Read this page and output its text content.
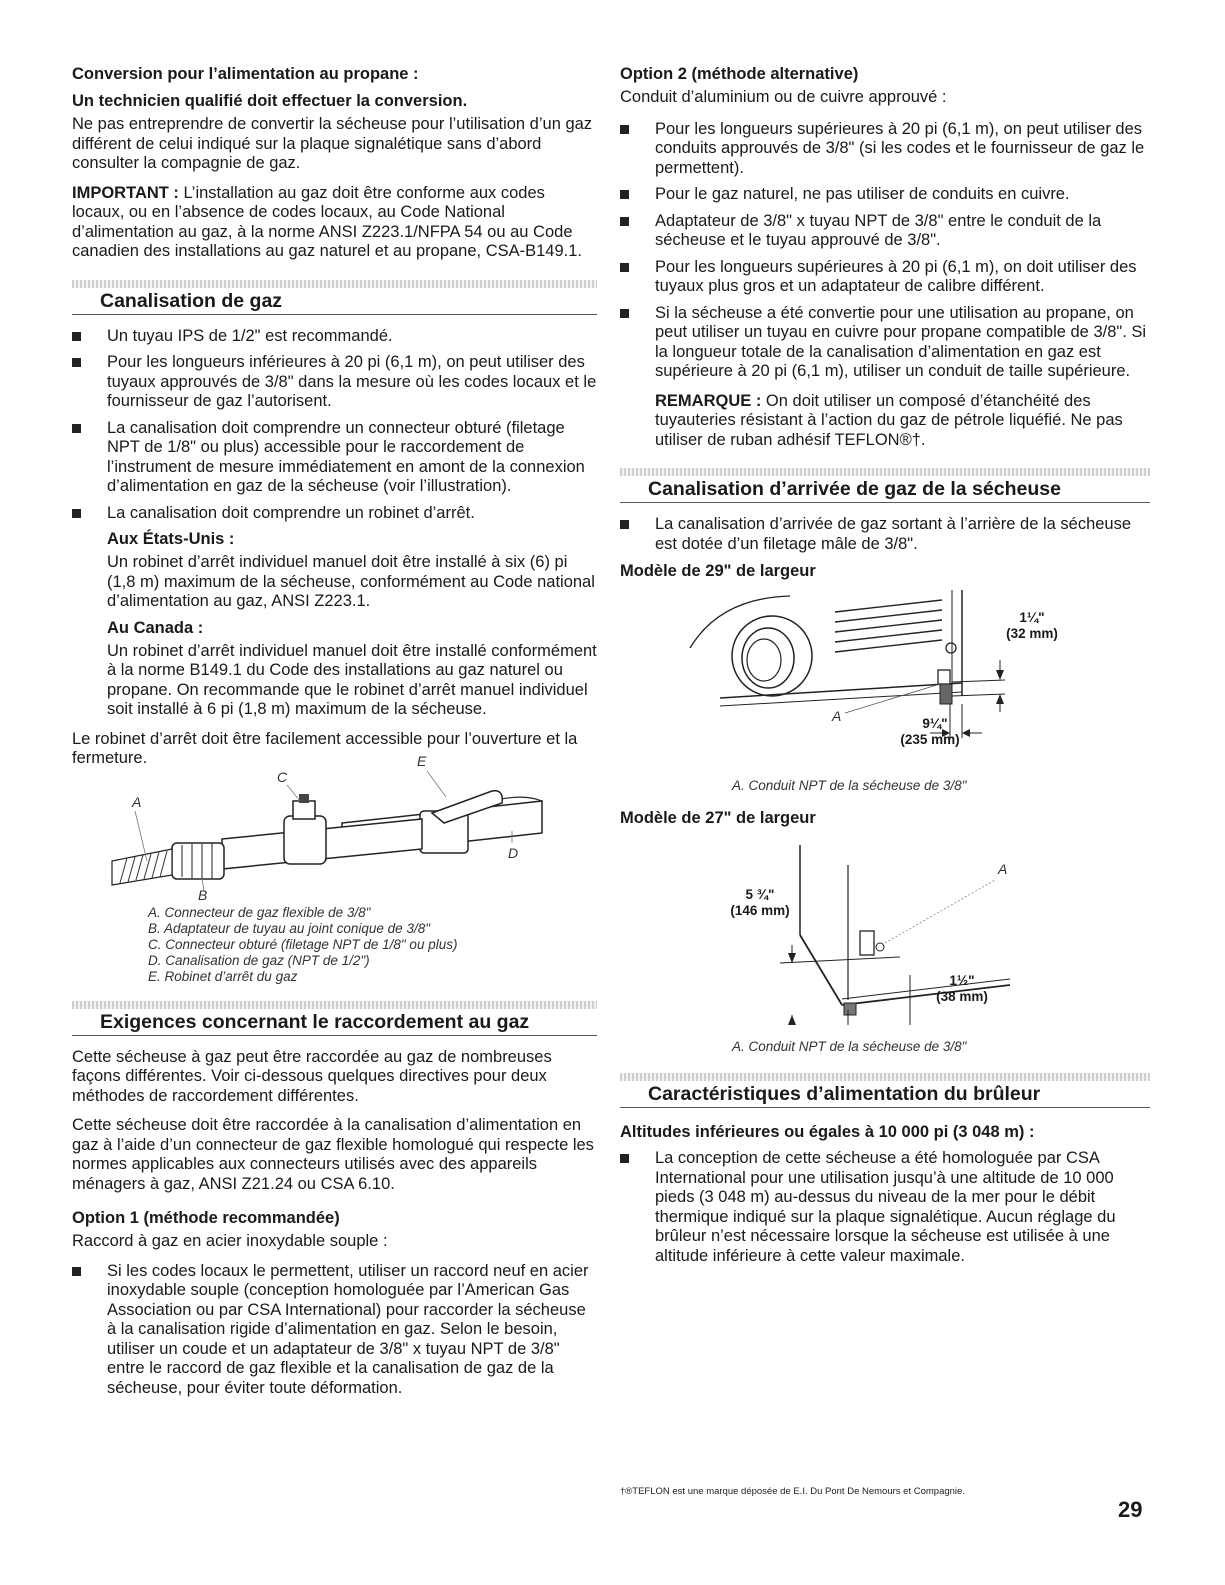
Conversion pour l’alimentation au propane :

Un technicien qualifié doit effectuer la conversion.

Ne pas entreprendre de convertir la sécheuse pour l’utilisation d’un gaz différent de celui indiqué sur la plaque signalétique sans d’abord consulter la compagnie de gaz.

IMPORTANT : L’installation au gaz doit être conforme aux codes locaux, ou en l’absence de codes locaux, au Code National d’alimentation au gaz, à la norme ANSI Z223.1/NFPA 54 ou au Code canadien des installations au gaz naturel et au propane, CSA-B149.1.

Canalisation de gaz
Un tuyau IPS de 1/2" est recommandé.
Pour les longueurs inférieures à 20 pi (6,1 m), on peut utiliser des tuyaux approuvés de 3/8" dans la mesure où les codes locaux et le fournisseur de gaz l’autorisent.
La canalisation doit comprendre un connecteur obturé (filetage NPT de 1/8" ou plus) accessible pour le raccordement de l’instrument de mesure immédiatement en amont de la connexion d’alimentation en gaz de la sécheuse (voir l’illustration).
La canalisation doit comprendre un robinet d’arrêt.
Aux États-Unis :
Un robinet d’arrêt individuel manuel doit être installé à six (6) pi (1,8 m) maximum de la sécheuse, conformément au Code national d’alimentation au gaz, ANSI Z223.1.
Au Canada :
Un robinet d’arrêt individuel manuel doit être installé conformément à la norme B149.1 du Code des installations au gaz naturel ou propane. On recommande que le robinet d’arrêt manuel individuel soit installé à 6 pi (1,8 m) maximum de la sécheuse.

Le robinet d’arrêt doit être facilement accessible pour l’ouverture et la fermeture.

A
B
C
D
E
A. Connecteur de gaz flexible de 3/8"
B. Adaptateur de tuyau au joint conique de 3/8"
C. Connecteur obturé (filetage NPT de 1/8" ou plus)
D. Canalisation de gaz (NPT de 1/2")
E. Robinet d’arrêt du gaz
Exigences concernant le raccordement au gaz

Cette sécheuse à gaz peut être raccordée au gaz de nombreuses façons différentes. Voir ci-dessous quelques directives pour deux méthodes de raccordement différentes.

Cette sécheuse doit être raccordée à la canalisation d’alimentation en gaz à l’aide d’un connecteur de gaz flexible homologué qui respecte les normes applicables aux connecteurs utilisés avec des appareils ménagers à gaz, ANSI Z21.24 ou CSA 6.10.

Option 1 (méthode recommandée)

Raccord à gaz en acier inoxydable souple :

Si les codes locaux le permettent, utiliser un raccord neuf en acier inoxydable souple (conception homologuée par l’American Gas Association ou par CSA International) pour raccorder la sécheuse à la canalisation rigide d’alimentation en gaz. Selon le besoin, utiliser un coude et un adaptateur de 3/8" x tuyau NPT de 3/8" entre le raccord de gaz flexible et la canalisation de gaz de la sécheuse, pour éviter toute déformation.

Option 2 (méthode alternative)

Conduit d’aluminium ou de cuivre approuvé :

Pour les longueurs supérieures à 20 pi (6,1 m), on peut utiliser des conduits approuvés de 3/8" (si les codes et le fournisseur de gaz le permettent).
Pour le gaz naturel, ne pas utiliser de conduits en cuivre.
Adaptateur de 3/8" x tuyau NPT de 3/8" entre le conduit de la sécheuse et le tuyau approuvé de 3/8".
Pour les longueurs supérieures à 20 pi (6,1 m), on doit utiliser des tuyaux plus gros et un adaptateur de calibre différent.
Si la sécheuse a été convertie pour une utilisation au propane, on peut utiliser un tuyau en cuivre pour propane compatible de 3/8". Si la longueur totale de la canalisation d’alimentation en gaz est supérieure à 20 pi (6,1 m), utiliser un conduit de taille supérieure.
REMARQUE : On doit utiliser un composé d’étanchéité des tuyauteries résistant à l’action du gaz de pétrole liquéfié. Ne pas utiliser de ruban adhésif TEFLON®†.
Canalisation d’arrivée de gaz de la sécheuse
La canalisation d’arrivée de gaz sortant à l’arrière de la sécheuse est dotée d’un filetage mâle de 3/8".

Modèle de 29" de largeur

1¼"
(32 mm)
9¼"
(235 mm)
A
A. Conduit NPT de la sécheuse de 3/8"

Modèle de 27" de largeur

5 ¾"
(146 mm)
1½"
(38 mm)
A
A. Conduit NPT de la sécheuse de 3/8"
Caractéristiques d’alimentation du brûleur

Altitudes inférieures ou égales à 10 000 pi (3 048 m) :

La conception de cette sécheuse a été homologuée par CSA International pour une utilisation jusqu’à une altitude de 10 000 pieds (3 048 m) au-dessus du niveau de la mer pour le débit thermique indiqué sur la plaque signalétique. Aucun réglage du brûleur n’est nécessaire lorsque la sécheuse est utilisée à une altitude inférieure à cette valeur maximale.
†®TEFLON est une marque déposée de E.I. Du Pont De Nemours et Compagnie.
29
